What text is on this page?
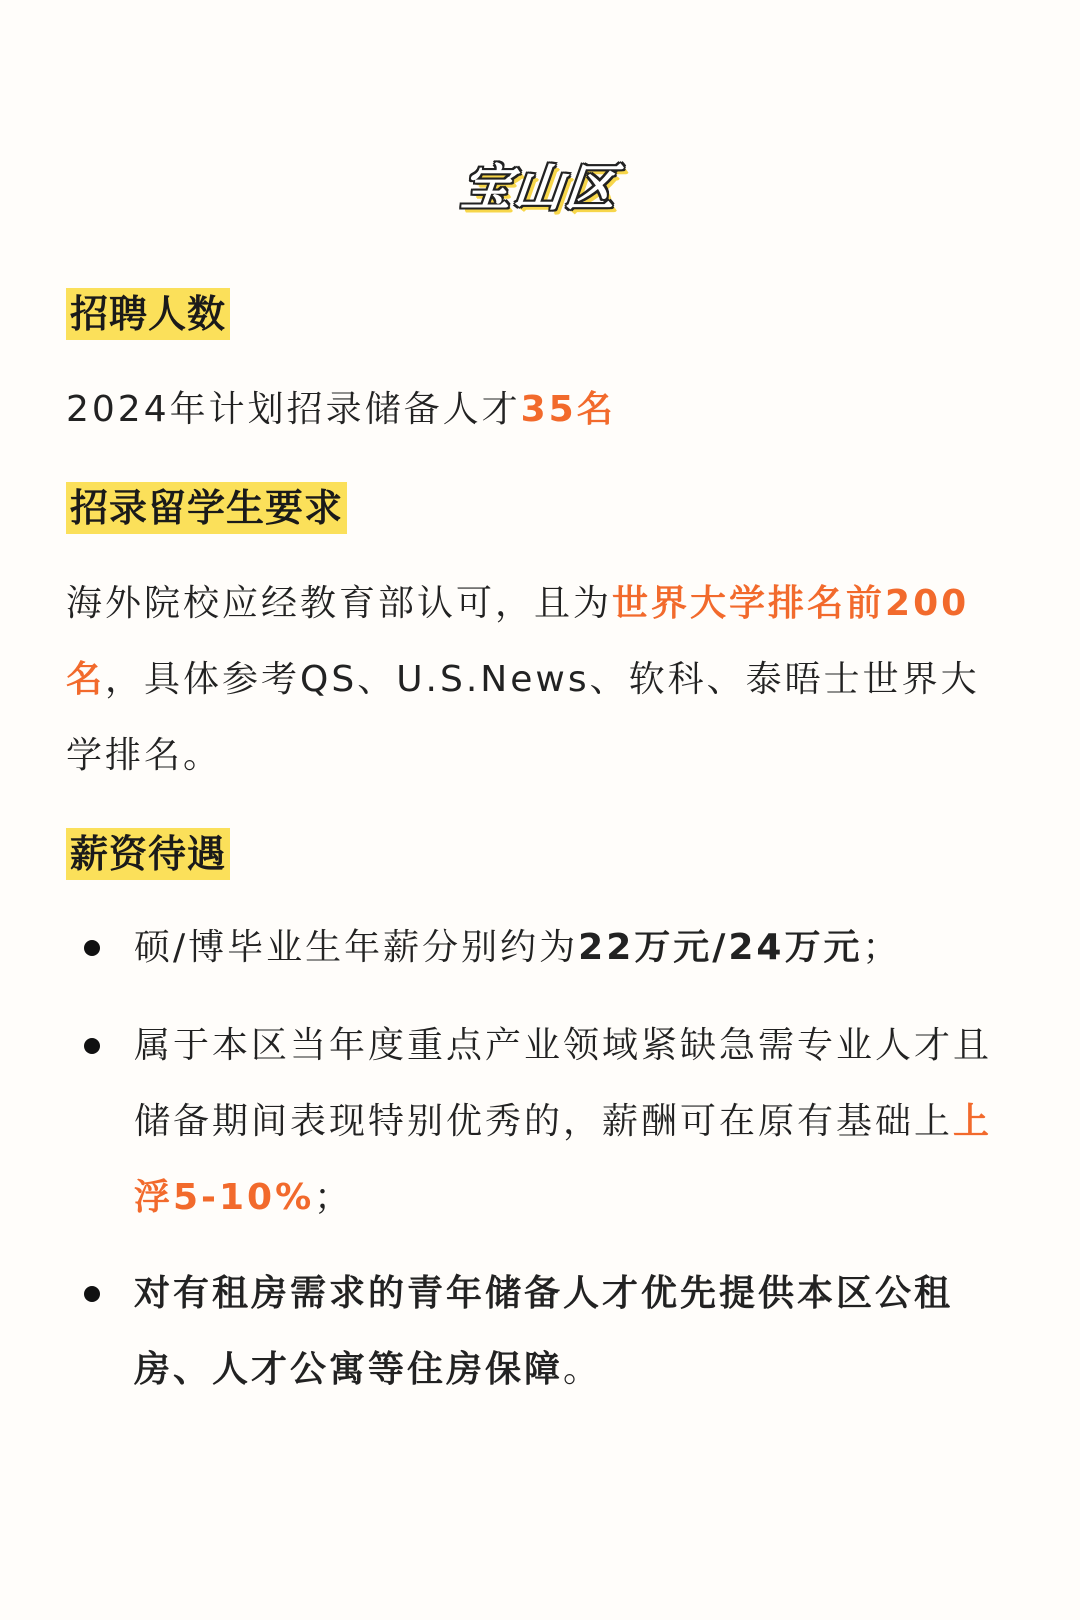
宝山区
招聘人数
2024年计划招录储备人才35名
招录留学生要求
海外院校应经教育部认可，且为世界大学排名前200名，具体参考QS、U.S.News、软科、泰晤士世界大学排名。
薪资待遇
硕/博毕业生年薪分别约为22万元/24万元；
属于本区当年度重点产业领域紧缺急需专业人才且储备期间表现特别优秀的，薪酬可在原有基础上上浮5-10%；
对有租房需求的青年储备人才优先提供本区公租房、人才公寓等住房保障。
